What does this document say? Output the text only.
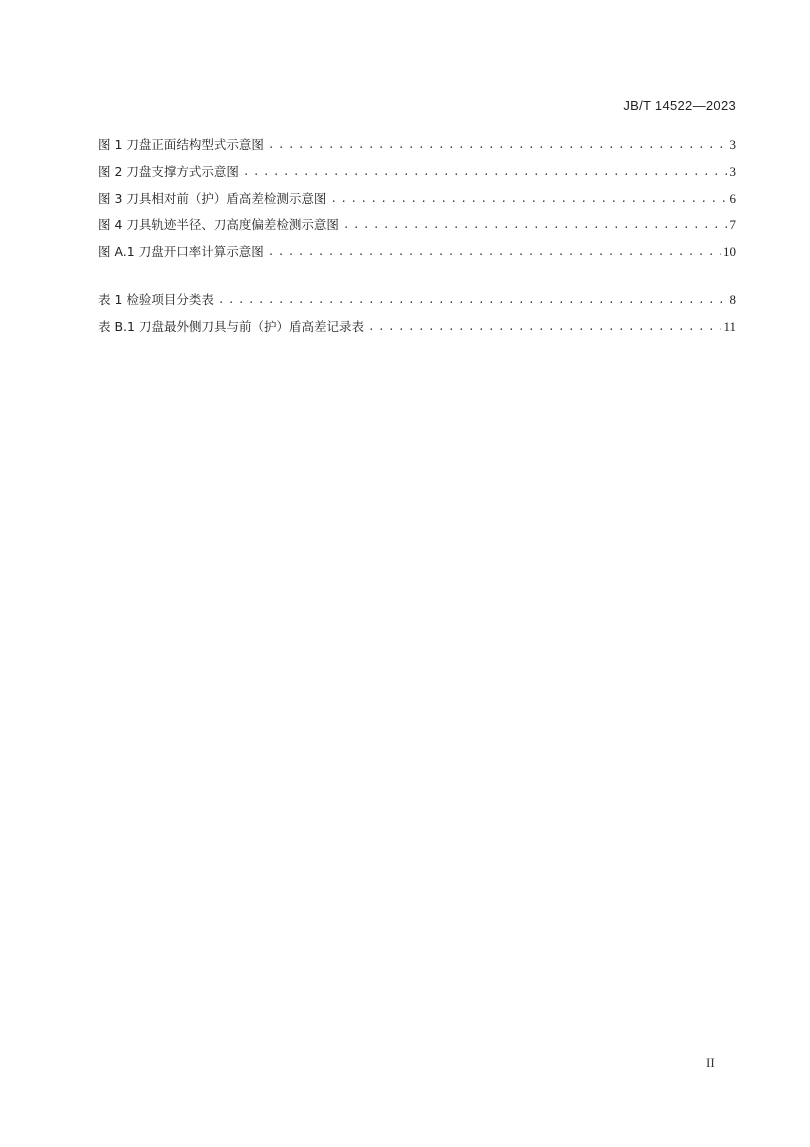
JB/T 14522—2023
图 1 刀盘正面结构型式示意图 . . .	3
图 2 刀盘支撑方式示意图 . . .	3
图 3 刀具相对前（护）盾高差检测示意图 . . .	6
图 4 刀具轨迹半径、刀高度偏差检测示意图 . . .	7
图 A.1 刀盘开口率计算示意图 . . .	10
表 1 检验项目分类表 . . .	8
表 B.1 刀盘最外侧刀具与前（护）盾高差记录表 . . .	11
II
